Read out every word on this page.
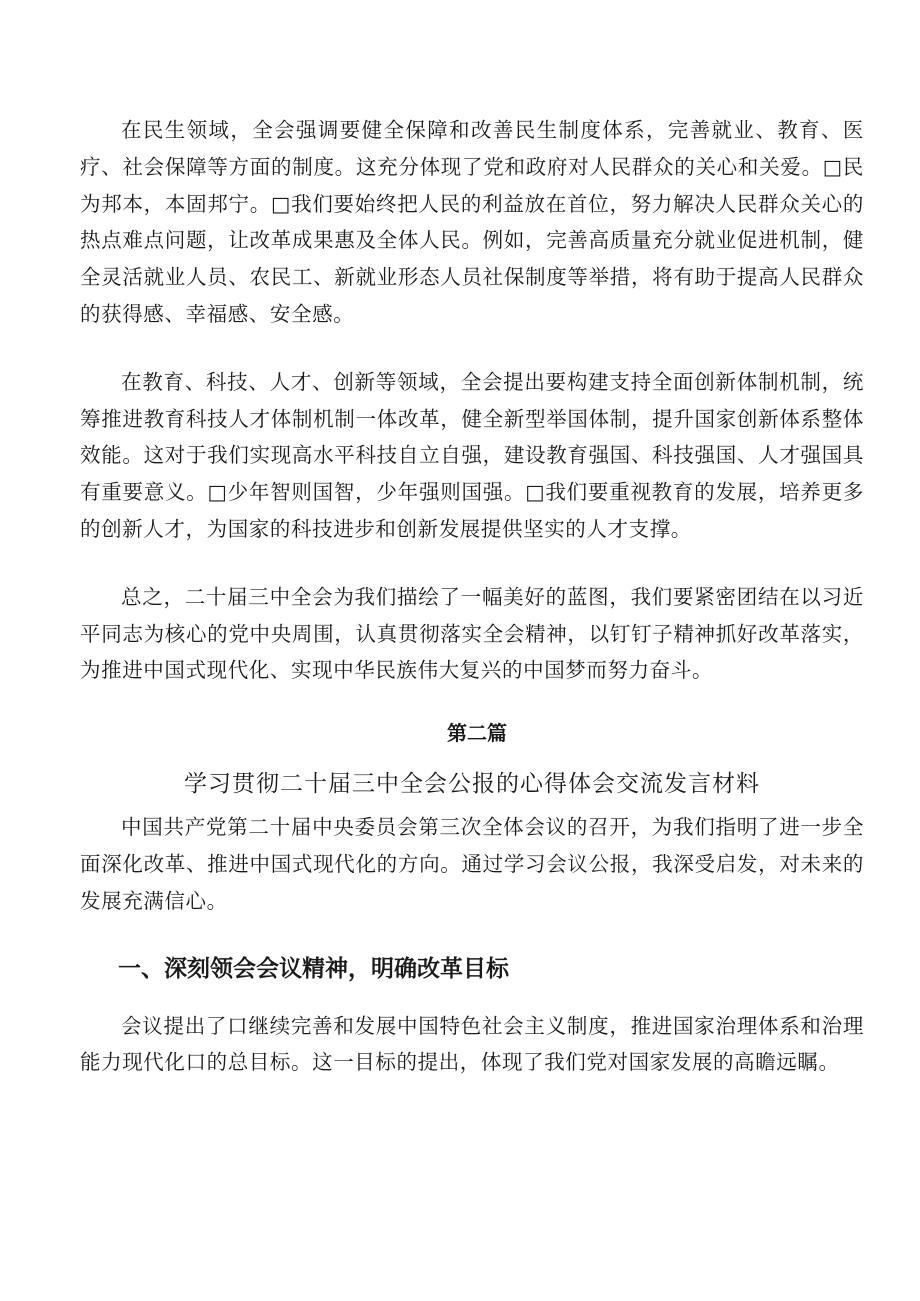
在民生领域，全会强调要健全保障和改善民生制度体系，完善就业、教育、医疗、社会保障等方面的制度。这充分体现了党和政府对人民群众的关心和关爱。□民为邦本，本固邦宁。□我们要始终把人民的利益放在首位，努力解决人民群众关心的热点难点问题，让改革成果惠及全体人民。例如，完善高质量充分就业促进机制，健全灵活就业人员、农民工、新就业形态人员社保制度等举措，将有助于提高人民群众的获得感、幸福感、安全感。

在教育、科技、人才、创新等领域，全会提出要构建支持全面创新体制机制，统筹推进教育科技人才体制机制一体改革，健全新型举国体制，提升国家创新体系整体效能。这对于我们实现高水平科技自立自强，建设教育强国、科技强国、人才强国具有重要意义。□少年智则国智，少年强则国强。□我们要重视教育的发展，培养更多的创新人才，为国家的科技进步和创新发展提供坚实的人才支撑。

总之，二十届三中全会为我们描绘了一幅美好的蓝图，我们要紧密团结在以习近平同志为核心的党中央周围，认真贯彻落实全会精神，以钉钉子精神抓好改革落实，为推进中国式现代化、实现中华民族伟大复兴的中国梦而努力奋斗。

第二篇
学习贯彻二十届三中全会公报的心得体会交流发言材料

中国共产党第二十届中央委员会第三次全体会议的召开，为我们指明了进一步全面深化改革、推进中国式现代化的方向。通过学习会议公报，我深受启发，对未来的发展充满信心。

一、深刻领会会议精神，明确改革目标

会议提出了口继续完善和发展中国特色社会主义制度，推进国家治理体系和治理能力现代化口的总目标。这一目标的提出，体现了我们党对国家发展的高瞻远瞩。
